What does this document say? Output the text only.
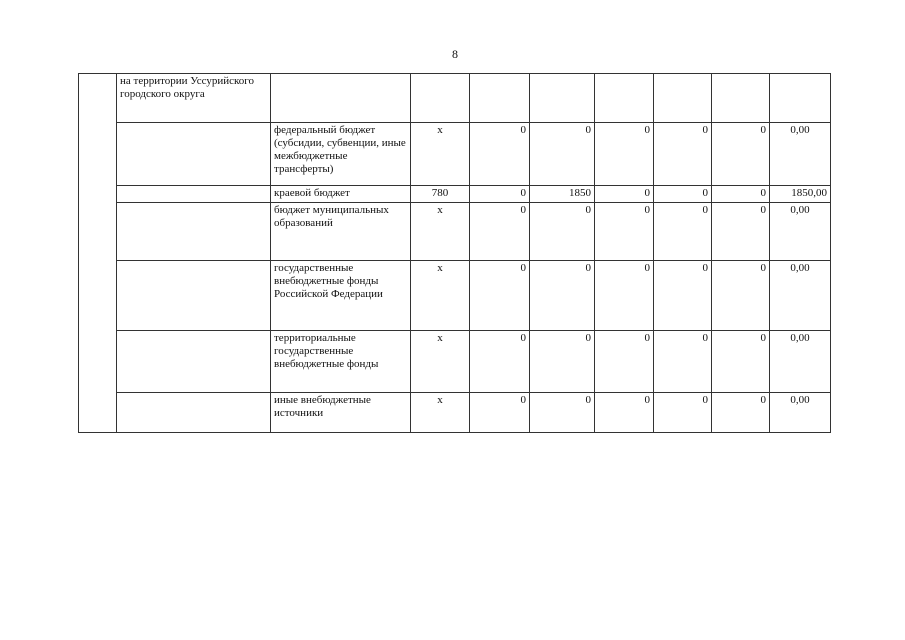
8
	на территории Уссурийского городского округа								
		федеральный бюджет (субсидии, субвенции, иные межбюджетные трансферты)	x	0	0	0	0	0	0,00
		краевой бюджет	780	0	1850	0	0	0	1850,00
		бюджет муниципальных образований	x	0	0	0	0	0	0,00
		государственные внебюджетные фонды Российской Федерации	x	0	0	0	0	0	0,00
		территориальные государственные внебюджетные фонды	x	0	0	0	0	0	0,00
		иные внебюджетные источники	x	0	0	0	0	0	0,00
